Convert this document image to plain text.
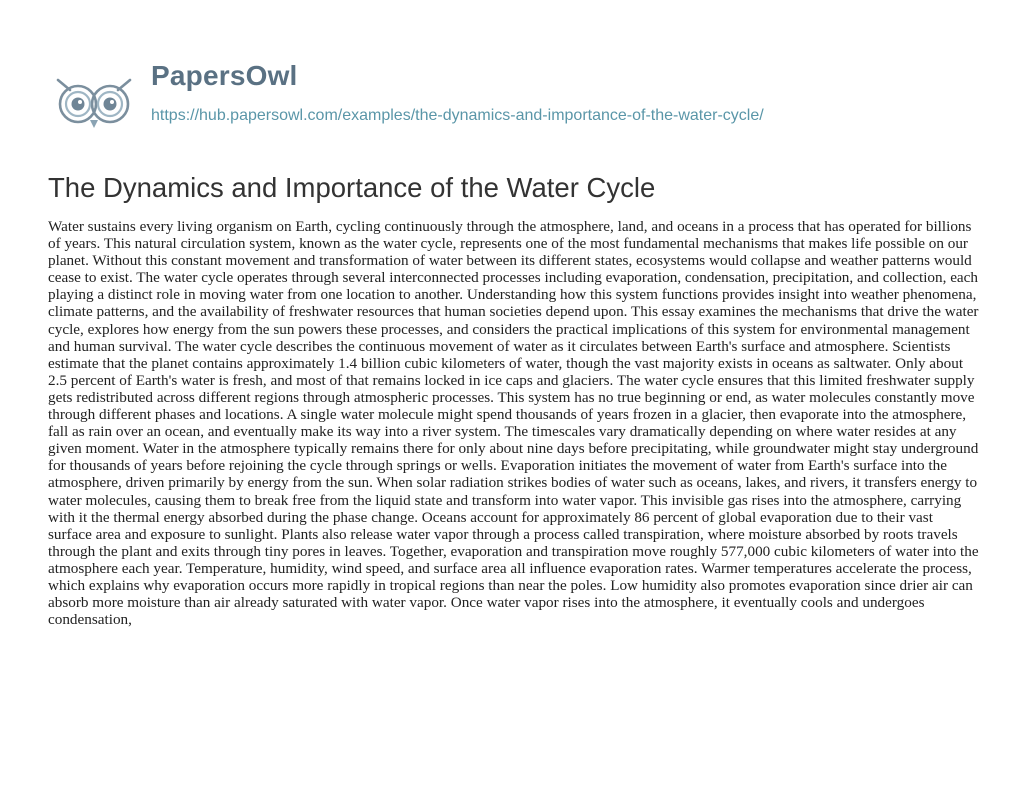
PapersOwl
https://hub.papersowl.com/examples/the-dynamics-and-importance-of-the-water-cycle/
The Dynamics and Importance of the Water Cycle

Water sustains every living organism on Earth, cycling continuously through the atmosphere, land, and oceans in a process that has operated for billions of years. This natural circulation system, known as the water cycle, represents one of the most fundamental mechanisms that makes life possible on our planet. Without this constant movement and transformation of water between its different states, ecosystems would collapse and weather patterns would cease to exist. The water cycle operates through several interconnected processes including evaporation, condensation, precipitation, and collection, each playing a distinct role in moving water from one location to another. Understanding how this system functions provides insight into weather phenomena, climate patterns, and the availability of freshwater resources that human societies depend upon. This essay examines the mechanisms that drive the water cycle, explores how energy from the sun powers these processes, and considers the practical implications of this system for environmental management and human survival. The water cycle describes the continuous movement of water as it circulates between Earth's surface and atmosphere. Scientists estimate that the planet contains approximately 1.4 billion cubic kilometers of water, though the vast majority exists in oceans as saltwater. Only about 2.5 percent of Earth's water is fresh, and most of that remains locked in ice caps and glaciers. The water cycle ensures that this limited freshwater supply gets redistributed across different regions through atmospheric processes. This system has no true beginning or end, as water molecules constantly move through different phases and locations. A single water molecule might spend thousands of years frozen in a glacier, then evaporate into the atmosphere, fall as rain over an ocean, and eventually make its way into a river system. The timescales vary dramatically depending on where water resides at any given moment. Water in the atmosphere typically remains there for only about nine days before precipitating, while groundwater might stay underground for thousands of years before rejoining the cycle through springs or wells. Evaporation initiates the movement of water from Earth's surface into the atmosphere, driven primarily by energy from the sun. When solar radiation strikes bodies of water such as oceans, lakes, and rivers, it transfers energy to water molecules, causing them to break free from the liquid state and transform into water vapor. This invisible gas rises into the atmosphere, carrying with it the thermal energy absorbed during the phase change. Oceans account for approximately 86 percent of global evaporation due to their vast surface area and exposure to sunlight. Plants also release water vapor through a process called transpiration, where moisture absorbed by roots travels through the plant and exits through tiny pores in leaves. Together, evaporation and transpiration move roughly 577,000 cubic kilometers of water into the atmosphere each year. Temperature, humidity, wind speed, and surface area all influence evaporation rates. Warmer temperatures accelerate the process, which explains why evaporation occurs more rapidly in tropical regions than near the poles. Low humidity also promotes evaporation since drier air can absorb more moisture than air already saturated with water vapor. Once water vapor rises into the atmosphere, it eventually cools and undergoes condensation,
